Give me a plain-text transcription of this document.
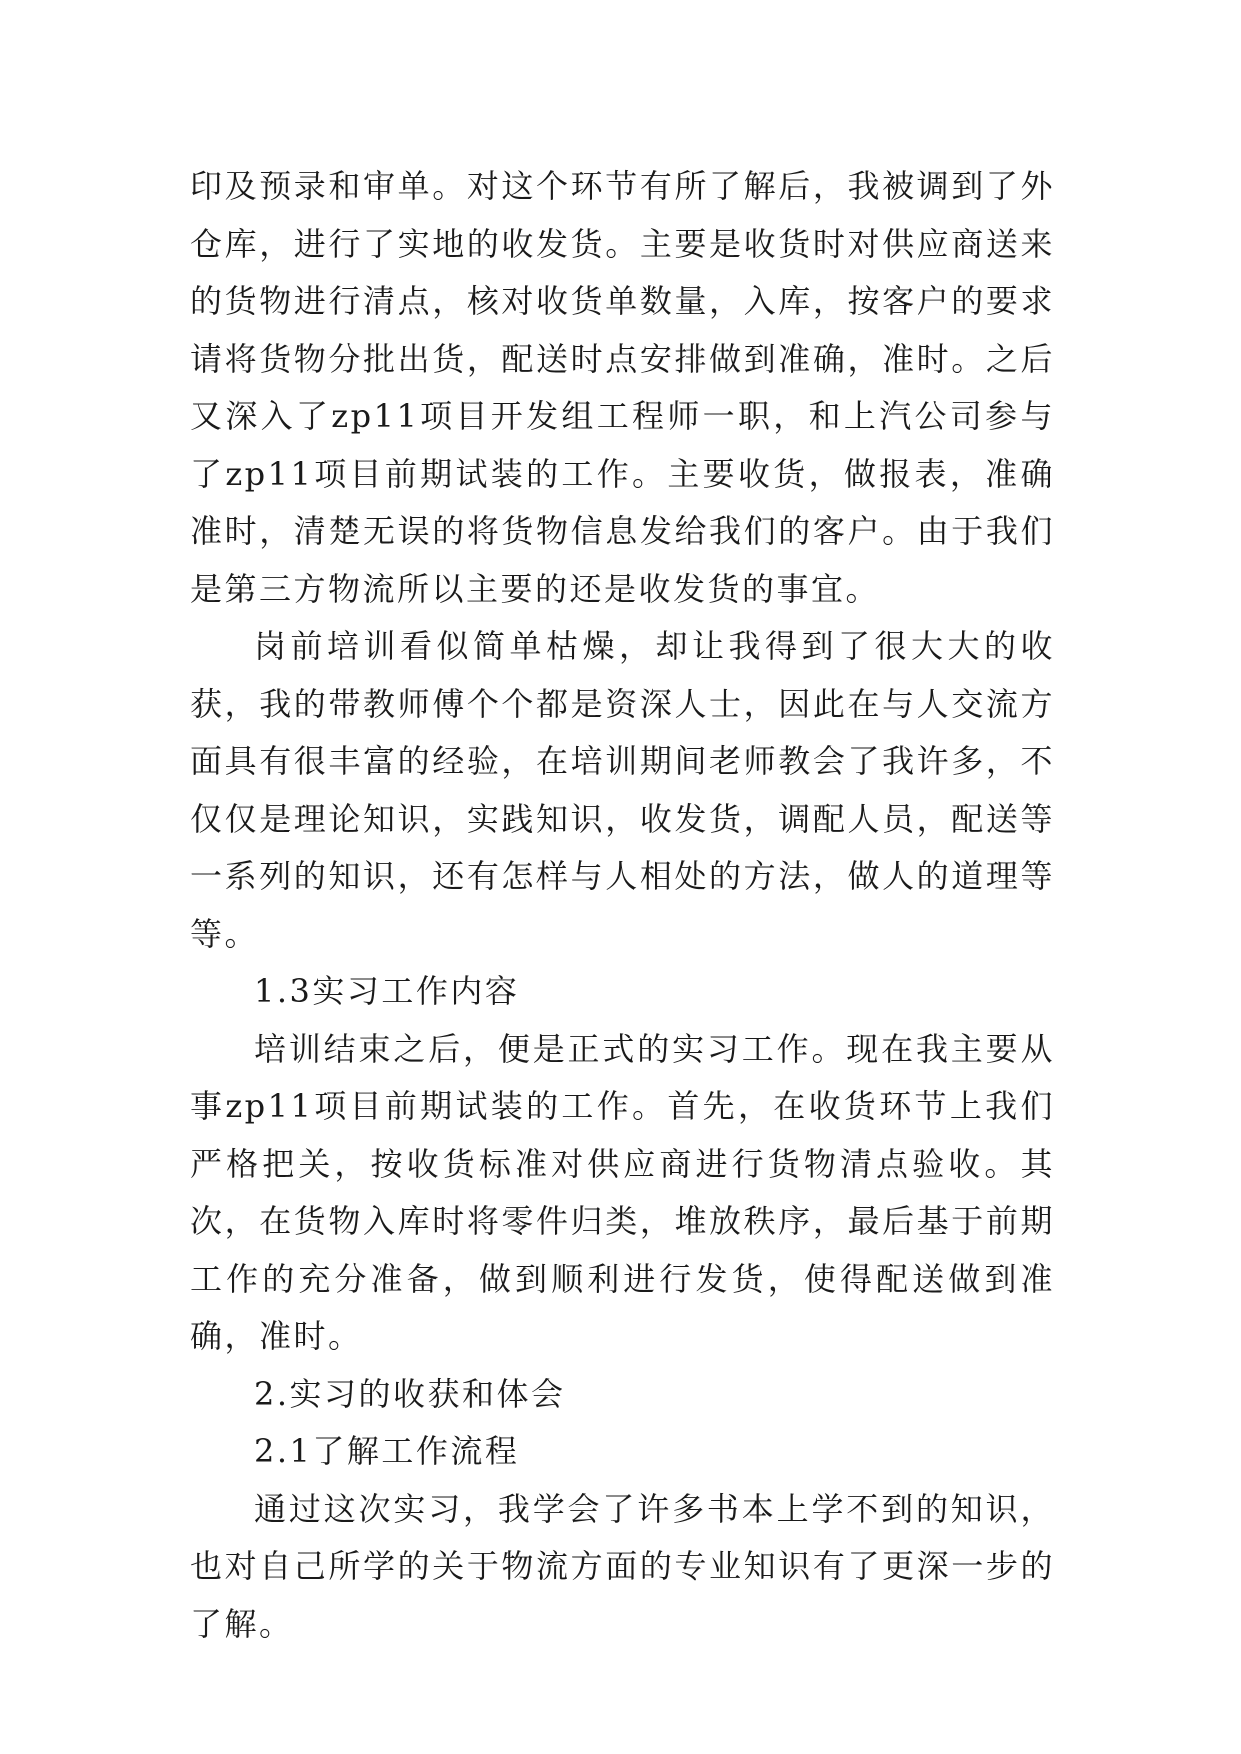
印及预录和审单。对这个环节有所了解后，我被调到了外仓库，进行了实地的收发货。主要是收货时对供应商送来的货物进行清点，核对收货单数量，入库，按客户的要求请将货物分批出货，配送时点安排做到准确，准时。之后又深入了zp11项目开发组工程师一职，和上汽公司参与了zp11项目前期试装的工作。主要收货，做报表，准确准时，清楚无误的将货物信息发给我们的客户。由于我们是第三方物流所以主要的还是收发货的事宜。

岗前培训看似简单枯燥，却让我得到了很大大的收获，我的带教师傅个个都是资深人士，因此在与人交流方面具有很丰富的经验，在培训期间老师教会了我许多，不仅仅是理论知识，实践知识，收发货，调配人员，配送等一系列的知识，还有怎样与人相处的方法，做人的道理等等。

1.3实习工作内容

培训结束之后，便是正式的实习工作。现在我主要从事zp11项目前期试装的工作。首先，在收货环节上我们严格把关，按收货标准对供应商进行货物清点验收。其次，在货物入库时将零件归类，堆放秩序，最后基于前期工作的充分准备，做到顺利进行发货，使得配送做到准确，准时。

2.实习的收获和体会

2.1了解工作流程

通过这次实习，我学会了许多书本上学不到的知识，也对自己所学的关于物流方面的专业知识有了更深一步的了解。
